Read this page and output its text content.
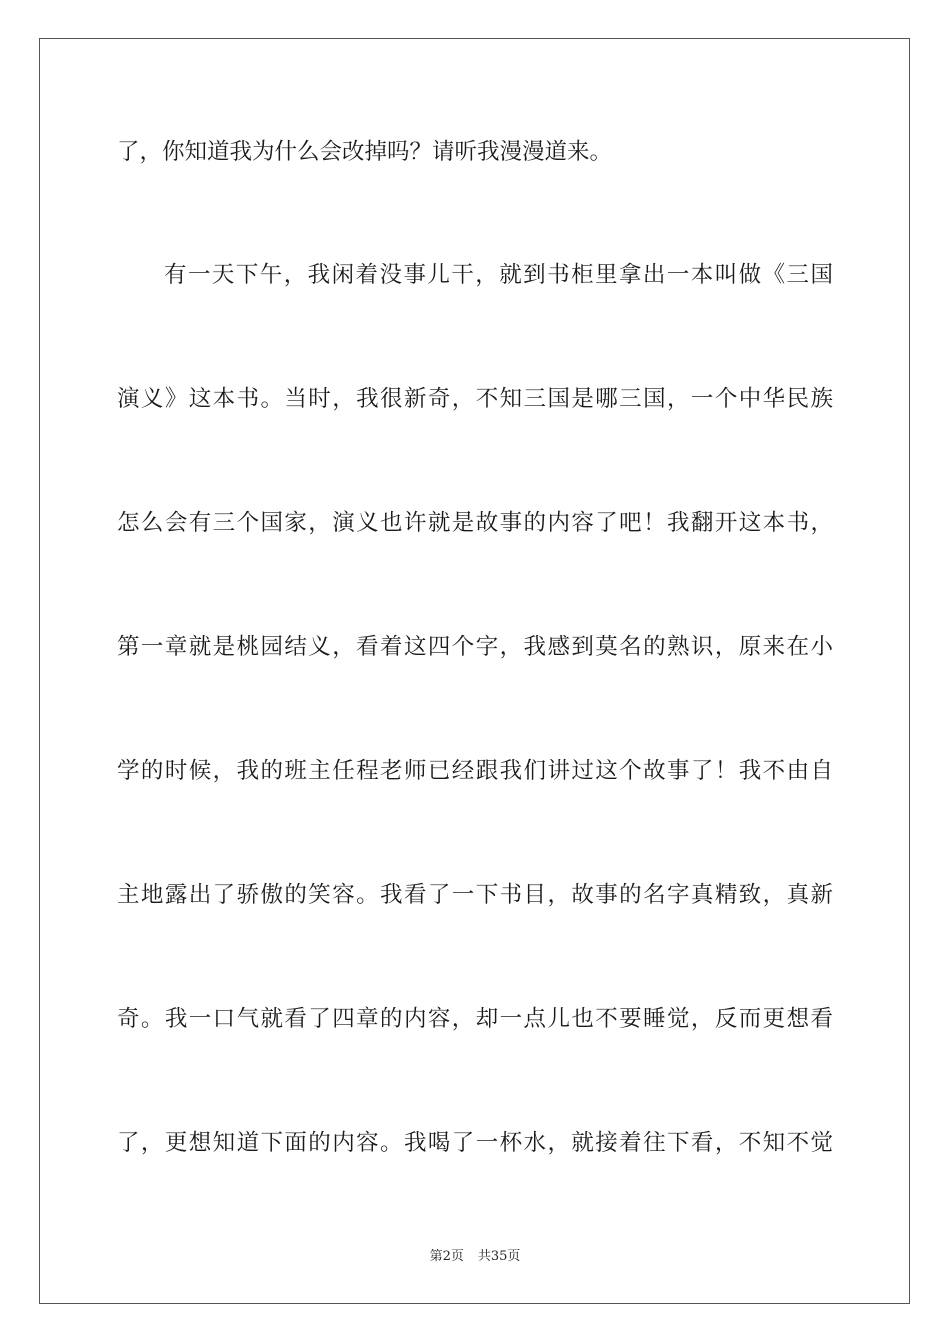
了，你知道我为什么会改掉吗？请听我漫漫道来。
有一天下午，我闲着没事儿干，就到书柜里拿出一本叫做《三国
演义》这本书。当时，我很新奇，不知三国是哪三国，一个中华民族
怎么会有三个国家，演义也许就是故事的内容了吧！我翻开这本书，
第一章就是桃园结义，看着这四个字，我感到莫名的熟识，原来在小
学的时候，我的班主任程老师已经跟我们讲过这个故事了！我不由自
主地露出了骄傲的笑容。我看了一下书目，故事的名字真精致，真新
奇。我一口气就看了四章的内容，却一点儿也不要睡觉，反而更想看
了，更想知道下面的内容。我喝了一杯水，就接着往下看，不知不觉
第2页 共35页
